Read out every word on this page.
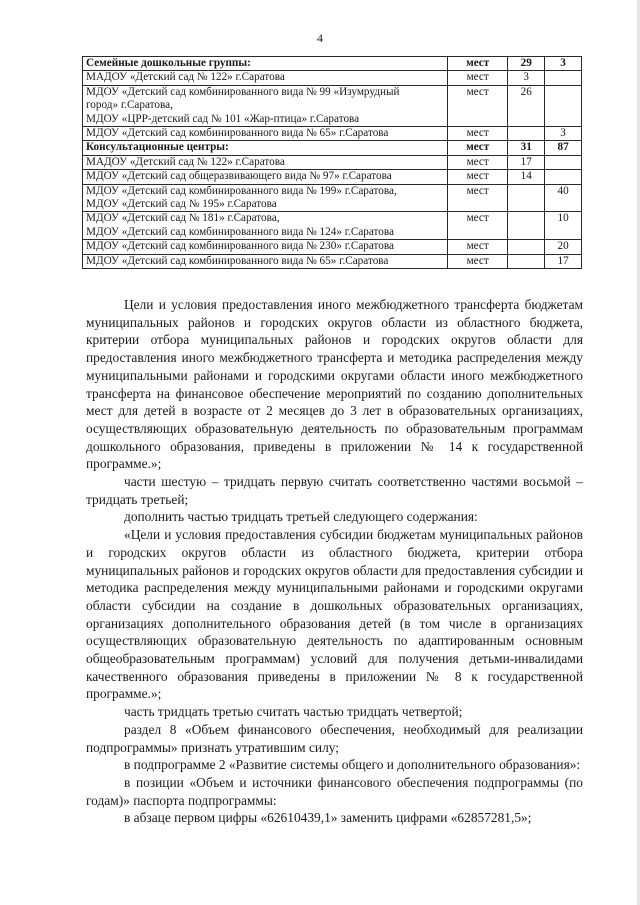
4
Семейные дошкольные группы:	мест	29	3

МАДОУ «Детский сад № 122» г.Саратова	мест	3	

МДОУ «Детский сад комбинированного вида № 99 «Изумрудный
город» г.Саратова,
МДОУ «ЦРР-детский сад № 101 «Жар-птица» г.Саратова	мест	26	

МДОУ «Детский сад комбинированного вида № 65» г.Саратова	мест		3

Консультационные центры:	мест	31	87

МАДОУ «Детский сад № 122» г.Саратова	мест	17	

МДОУ «Детский сад общеразвивающего вида № 97» г.Саратова	мест	14	

МДОУ «Детский сад комбинированного вида № 199» г.Саратова,
МДОУ «Детский сад № 195» г.Саратова	мест		40

МДОУ «Детский сад № 181» г.Саратова,
МДОУ «Детский сад комбинированного вида № 124» г.Саратова	мест		10

МДОУ «Детский сад комбинированного вида № 230» г.Саратова	мест		20

МДОУ «Детский сад комбинированного вида № 65» г.Саратова	мест		17

Цели и условия предоставления иного межбюджетного трансферта бюджетам муниципальных районов и городских округов области из областного бюджета, критерии отбора муниципальных районов и городских округов области для предоставления иного межбюджетного трансферта и методика распределения между муниципальными районами и городскими округами области иного межбюджетного трансферта на финансовое обеспечение мероприятий по созданию дополнительных мест для детей в возрасте от 2 месяцев до 3 лет в образовательных организациях, осуществляющих образовательную деятельность по образовательным программам дошкольного образования, приведены в приложении № 14 к государственной программе.»;

части шестую – тридцать первую считать соответственно частями восьмой – тридцать третьей;

дополнить частью тридцать третьей следующего содержания:

«Цели и условия предоставления субсидии бюджетам муниципальных районов и городских округов области из областного бюджета, критерии отбора муниципальных районов и городских округов области для предоставления субсидии и методика распределения между муниципальными районами и городскими округами области субсидии на создание в дошкольных образовательных организациях, организациях дополнительного образования детей (в том числе в организациях осуществляющих образовательную деятельность по адаптированным основным общеобразовательным программам) условий для получения детьми-инвалидами качественного образования приведены в приложении № 8 к государственной программе.»;

часть тридцать третью считать частью тридцать четвертой;

раздел 8 «Объем финансового обеспечения, необходимый для реализации подпрограммы» признать утратившим силу;

в подпрограмме 2 «Развитие системы общего и дополнительного образования»:

в позиции «Объем и источники финансового обеспечения подпрограммы (по годам)» паспорта подпрограммы:

в абзаце первом цифры «62610439,1» заменить цифрами «62857281,5»;
